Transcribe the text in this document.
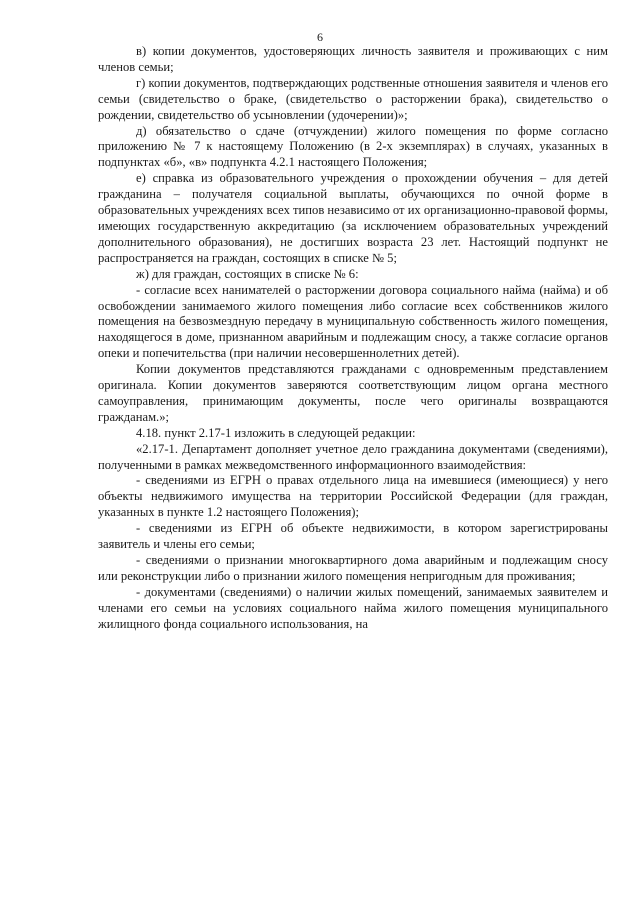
6

в) копии документов, удостоверяющих личность заявителя и проживающих с ним членов семьи;

г) копии документов, подтверждающих родственные отношения заявителя и членов его семьи (свидетельство о браке, (свидетельство о расторжении брака), свидетельство о рождении, свидетельство об усыновлении (удочерении)»;

д) обязательство о сдаче (отчуждении) жилого помещения по форме согласно приложению № 7 к настоящему Положению (в 2-х экземплярах) в случаях, указанных в подпунктах «б», «в» подпункта 4.2.1 настоящего Положения;

е) справка из образовательного учреждения о прохождении обучения – для детей гражданина – получателя социальной выплаты, обучающихся по очной форме в образовательных учреждениях всех типов независимо от их организационно-правовой формы, имеющих государственную аккредитацию (за исключением образовательных учреждений дополнительного образования), не достигших возраста 23 лет. Настоящий подпункт не распространяется на граждан, состоящих в списке № 5;

ж) для граждан, состоящих в списке № 6:

- согласие всех нанимателей о расторжении договора социального найма (найма) и об освобождении занимаемого жилого помещения либо согласие всех собственников жилого помещения на безвозмездную передачу в муниципальную собственность жилого помещения, находящегося в доме, признанном аварийным и подлежащим сносу, а также согласие органов опеки и попечительства (при наличии несовершеннолетних детей).

Копии документов представляются гражданами с одновременным представлением оригинала. Копии документов заверяются соответствующим лицом органа местного самоуправления, принимающим документы, после чего оригиналы возвращаются гражданам.»;

4.18. пункт 2.17-1 изложить в следующей редакции:

«2.17-1. Департамент дополняет учетное дело гражданина документами (сведениями), полученными в рамках межведомственного информационного взаимодействия:

- сведениями из ЕГРН о правах отдельного лица на имевшиеся (имеющиеся) у него объекты недвижимого имущества на территории Российской Федерации (для граждан, указанных в пункте 1.2 настоящего Положения);

- сведениями из ЕГРН об объекте недвижимости, в котором зарегистрированы заявитель и члены его семьи;

- сведениями о признании многоквартирного дома аварийным и подлежащим сносу или реконструкции либо о признании жилого помещения непригодным для проживания;

- документами (сведениями) о наличии жилых помещений, занимаемых заявителем и членами его семьи на условиях социального найма жилого помещения муниципального жилищного фонда социального использования, на
